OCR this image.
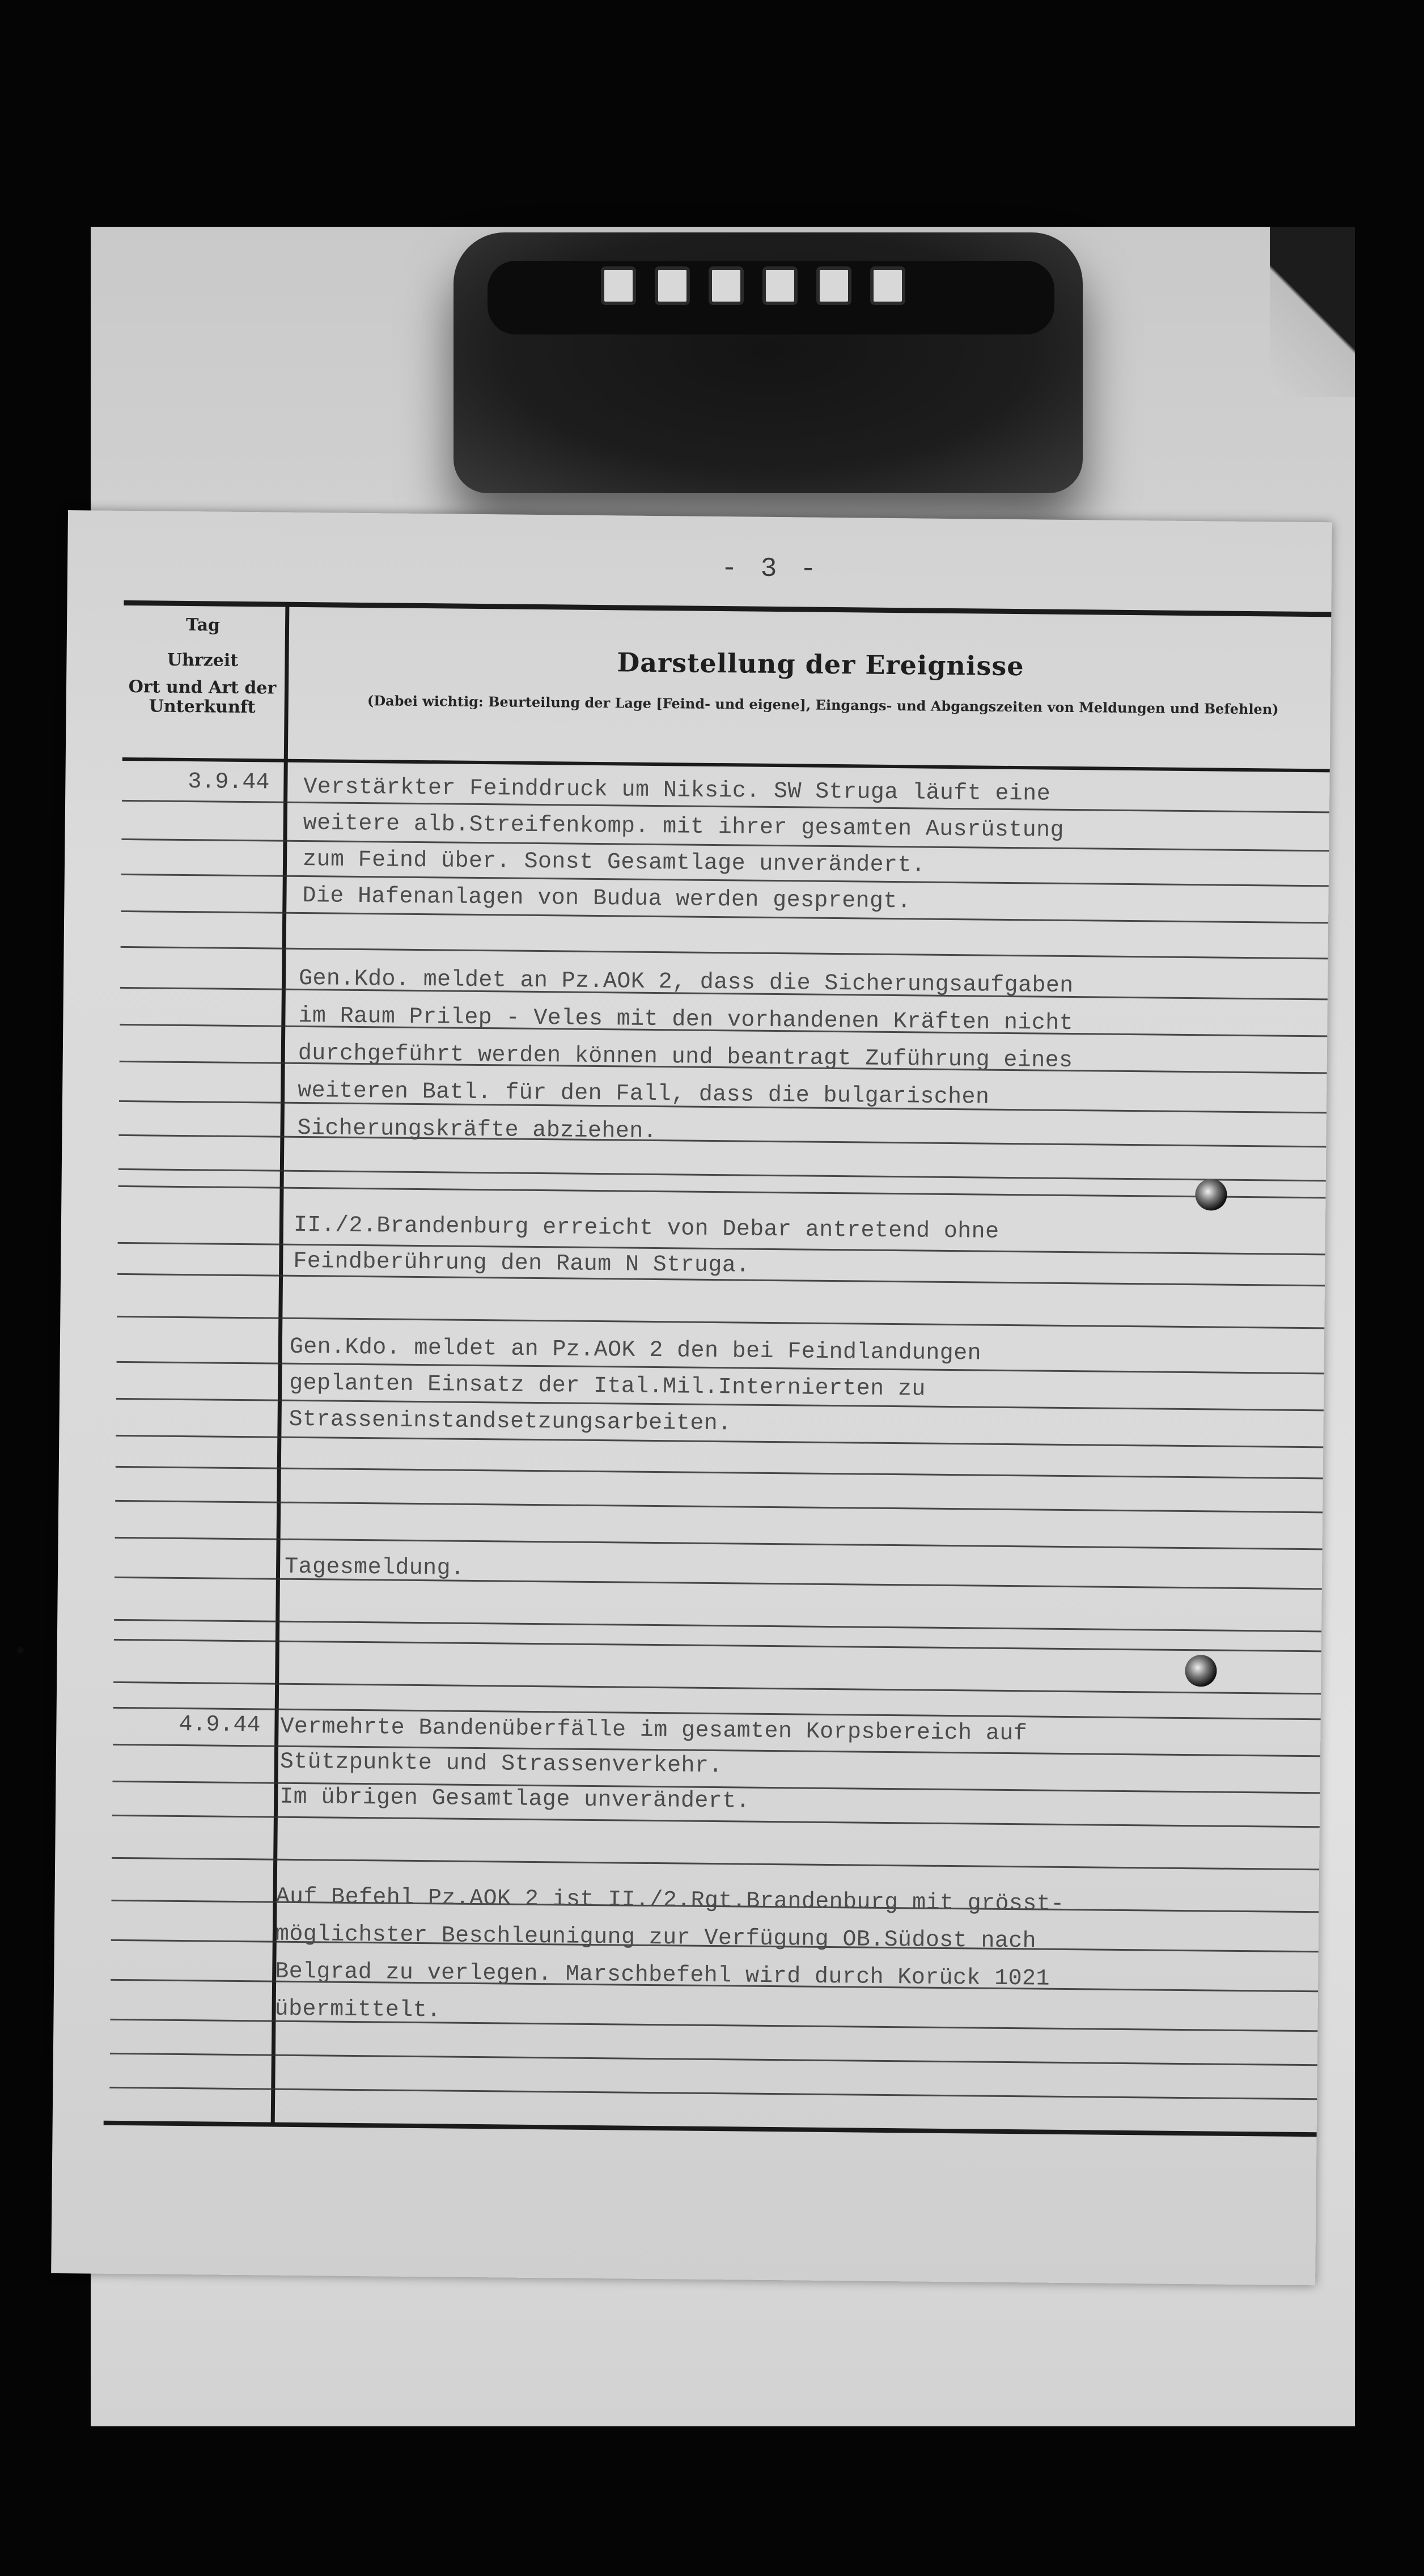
- 3 -
Tag
Uhrzeit
Ort und Art der
Unterkunft
Darstellung der Ereignisse
(Dabei wichtig: Beurteilung der Lage [Feind- und eigene], Eingangs- und Abgangszeiten von Meldungen und Befehlen)
3.9.44
4.9.44
Verstärkter Feinddruck um Niksic. SW Struga läuft eine
weitere alb.Streifenkomp. mit ihrer gesamten Ausrüstung
zum Feind über. Sonst Gesamtlage unverändert.
Die Hafenanlagen von Budua werden gesprengt.
Gen.Kdo. meldet an Pz.AOK 2, dass die Sicherungsaufgaben
im Raum Prilep - Veles mit den vorhandenen Kräften nicht
durchgeführt werden können und beantragt Zuführung eines
weiteren Batl. für den Fall, dass die bulgarischen
Sicherungskräfte abziehen.
II./2.Brandenburg erreicht von Debar antretend ohne
Feindberührung den Raum N Struga.
Gen.Kdo. meldet an Pz.AOK 2 den bei Feindlandungen
geplanten Einsatz der Ital.Mil.Internierten zu
Strasseninstandsetzungsarbeiten.
Tagesmeldung.
Vermehrte Bandenüberfälle im gesamten Korpsbereich auf
Stützpunkte und Strassenverkehr.
Im übrigen Gesamtlage unverändert.
Auf Befehl Pz.AOK 2 ist II./2.Rgt.Brandenburg mit grösst-
möglichster Beschleunigung zur Verfügung OB.Südost nach
Belgrad zu verlegen. Marschbefehl wird durch Korück 1021
übermittelt.
